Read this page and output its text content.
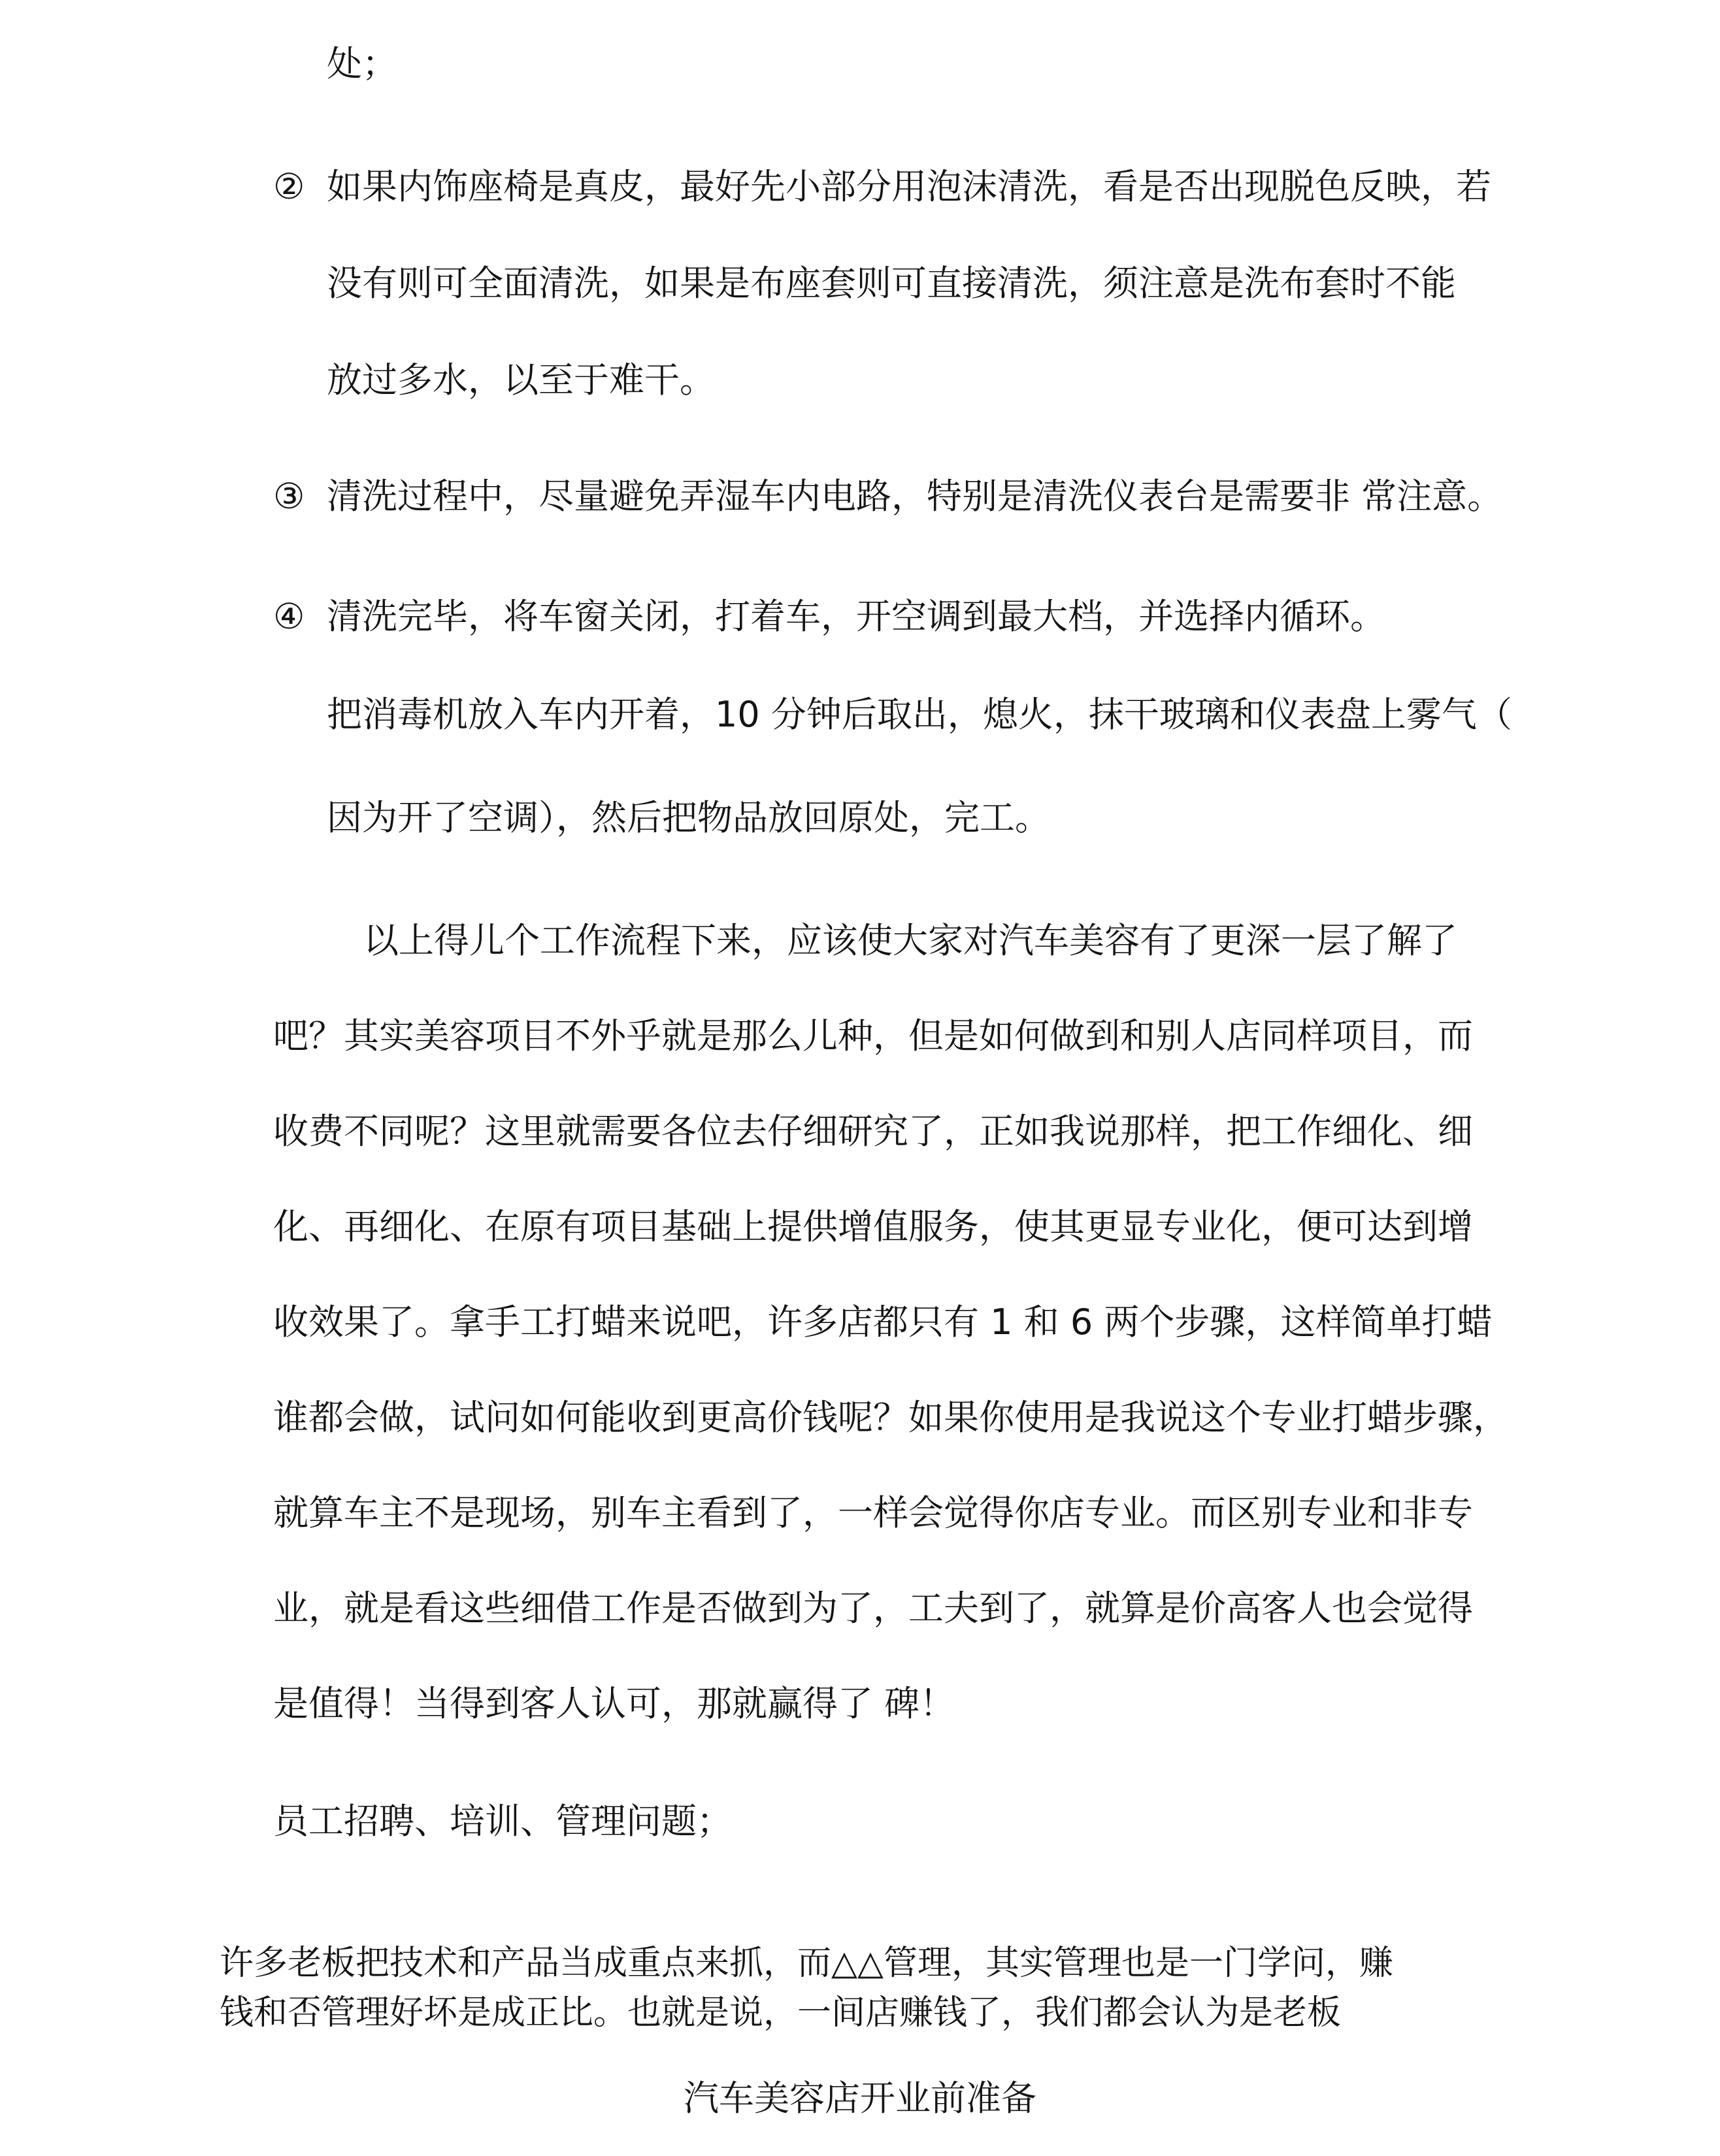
处；
② 如果内饰座椅是真皮，最好先小部分用泡沫清洗，看是否出现脱色反映，若
没有则可全面清洗，如果是布座套则可直接清洗，须注意是洗布套时不能
放过多水，以至于难干。
③ 清洗过程中，尽量避免弄湿车内电路，特别是清洗仪表台是需要非 常注意。
④ 清洗完毕，将车窗关闭，打着车，开空调到最大档，并选择内循环。
把消毒机放入车内开着，10 分钟后取出，熄火，抹干玻璃和仪表盘上雾气（
因为开了空调），然后把物品放回原处，完工。
以上得儿个工作流程下来，应该使大家对汽车美容有了更深一层了解了
吧？其实美容项目不外乎就是那么儿种，但是如何做到和别人店同样项目，而
收费不同呢？这里就需要各位去仔细研究了，正如我说那样，把工作细化、细
化、再细化、在原有项目基础上提供增值服务，使其更显专业化，便可达到增
收效果了。拿手工打蜡来说吧，许多店都只有 1 和 6 两个步骤，这样简单打蜡
谁都会做，试问如何能收到更高价钱呢？如果你使用是我说这个专业打蜡步骤，
就算车主不是现场，别车主看到了，一样会觉得你店专业。而区别专业和非专
业，就是看这些细借工作是否做到为了，工夫到了，就算是价高客人也会觉得
是值得！当得到客人认可，那就赢得了 碑！
员工招聘、培训、管理问题；
许多老板把技术和产品当成重点来抓，而△△管理，其实管理也是一门学问，赚
钱和否管理好坏是成正比。也就是说，一间店赚钱了，我们都会认为是老板
汽车美容店开业前准备
